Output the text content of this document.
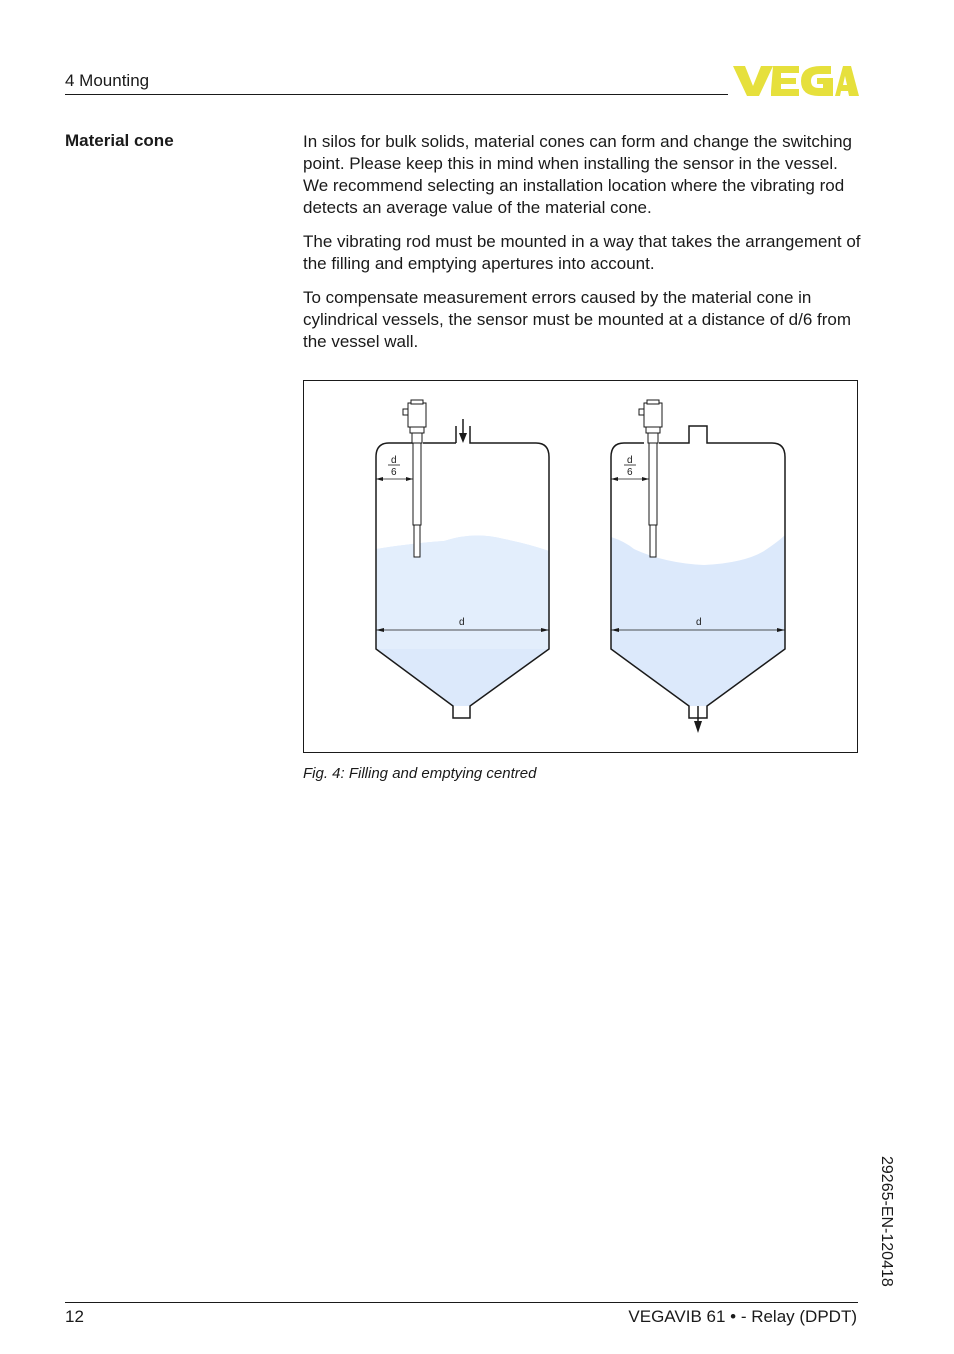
4 Mounting
Material cone	In silos for bulk solids, material cones can form and change the switching point. Please keep this in mind when installing the sensor in the vessel. We recommend selecting an installation location where the vibrating rod detects an average value of the material cone.

The vibrating rod must be mounted in a way that takes the arrangement of the filling and emptying apertures into account.

To compensate measurement errors caused by the material cone in cylindrical vessels, the sensor must be mounted at a distance of d/6 from the vessel wall.

d
6
d
d
6
d
Fig. 4: Filling and emptying centred
29265-EN-120418
12	VEGAVIB 61 • - Relay (DPDT)
